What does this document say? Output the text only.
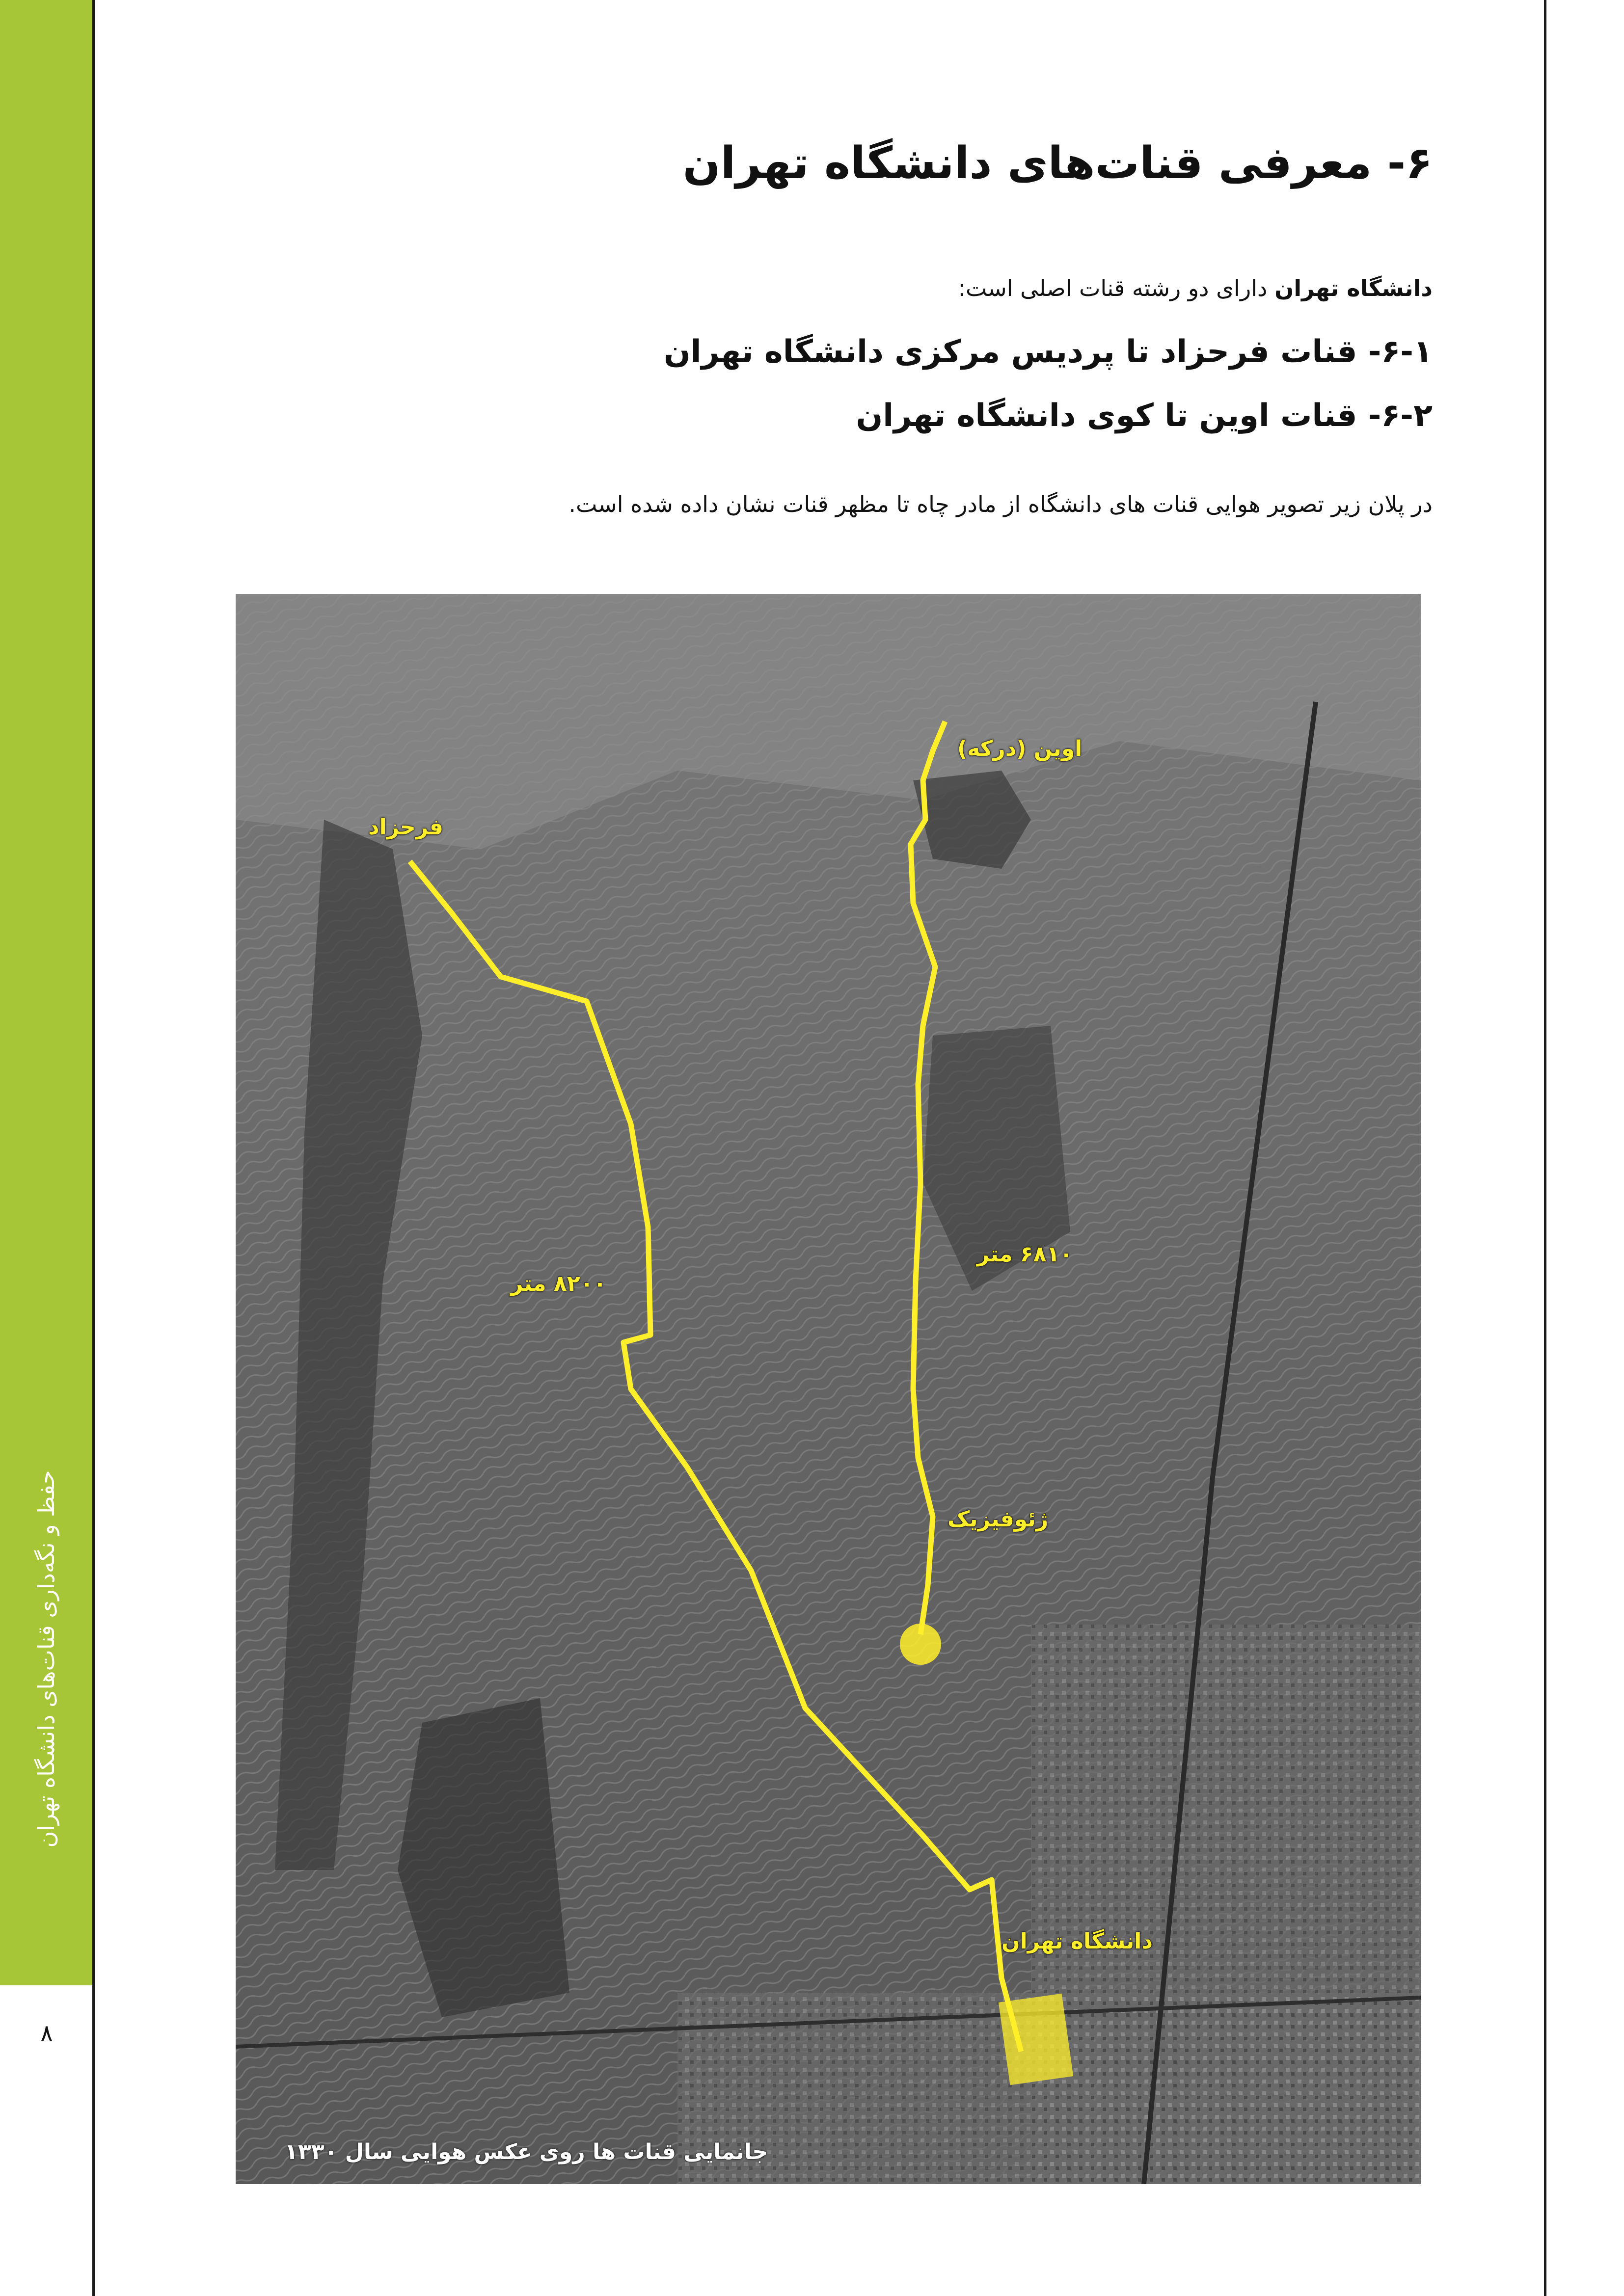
حفظ و نگه‌داری قنات‌های دانشگاه تهران
۸
۶- معرفی قنات‌های دانشگاه تهران
دانشگاه تهران دارای دو رشته قنات اصلی است:
۶-۱- قنات فرحزاد تا پردیس مرکزی دانشگاه تهران
۶-۲- قنات اوین تا کوی دانشگاه تهران
در پلان زیر تصویر هوایی قنات های دانشگاه از مادر چاه تا مظهر قنات نشان داده شده است.
فرحزاد
اوین (درکه)
۸۲۰۰ متر
۶۸۱۰ متر
ژئوفیزیک
دانشگاه تهران
جانمایی قنات ها روی عکس هوایی سال ۱۳۳۰
